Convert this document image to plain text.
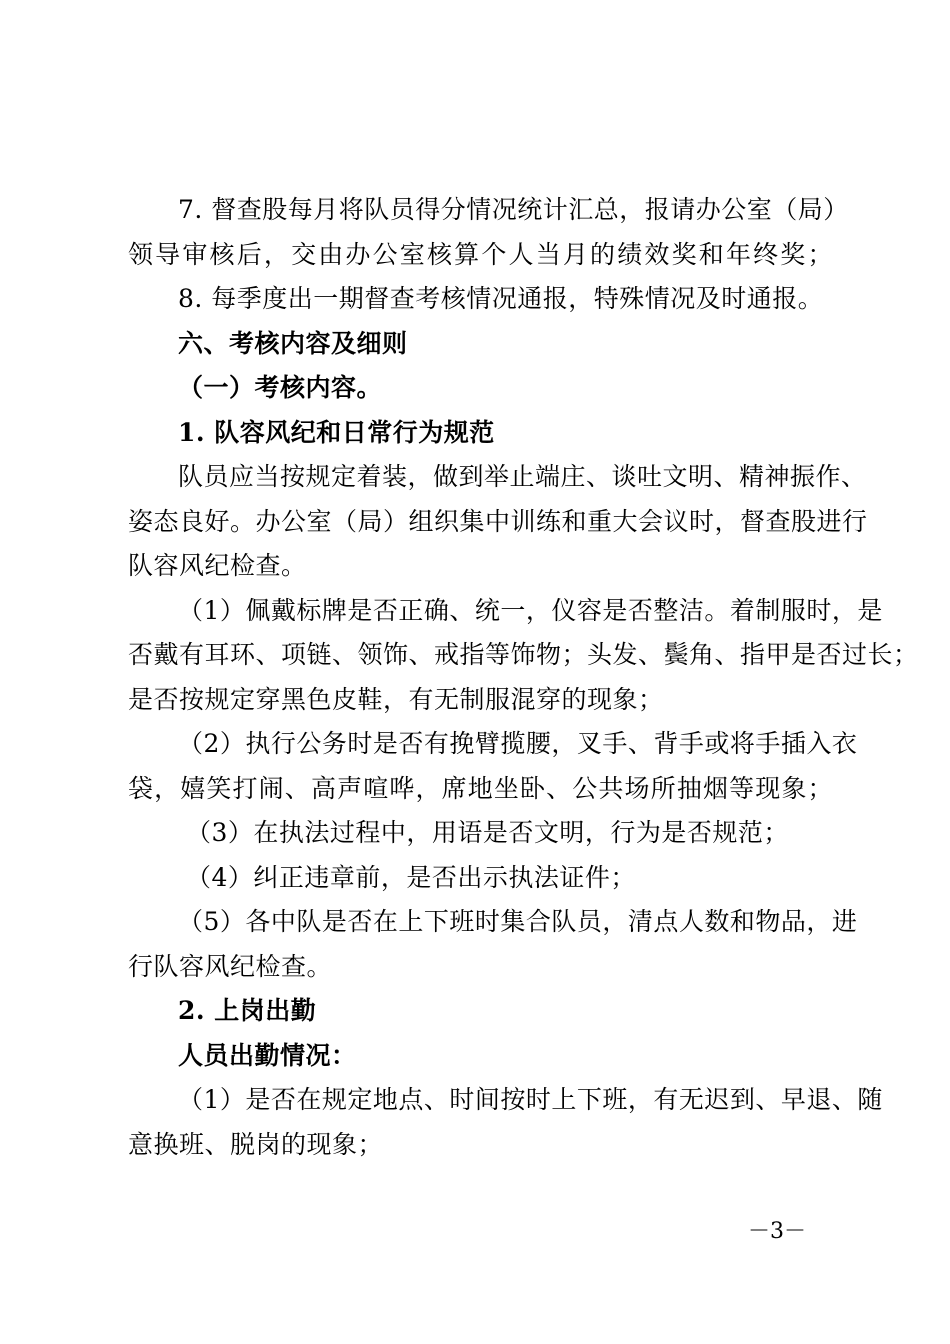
7. 督查股每月将队员得分情况统计汇总，报请办公室（局）
领导审核后，交由办公室核算个人当月的绩效奖和年终奖；
8. 每季度出一期督查考核情况通报，特殊情况及时通报。
六、考核内容及细则
（一）考核内容。
1. 队容风纪和日常行为规范
队员应当按规定着装，做到举止端庄、谈吐文明、精神振作、
姿态良好。办公室（局）组织集中训练和重大会议时，督查股进行
队容风纪检查。
（1）佩戴标牌是否正确、统一，仪容是否整洁。着制服时，是
否戴有耳环、项链、领饰、戒指等饰物；头发、鬓角、指甲是否过长；
是否按规定穿黑色皮鞋，有无制服混穿的现象；
（2）执行公务时是否有挽臂揽腰，叉手、背手或将手插入衣
袋，嬉笑打闹、高声喧哗，席地坐卧、公共场所抽烟等现象；
（3）在执法过程中，用语是否文明，行为是否规范；
（4）纠正违章前，是否出示执法证件；
（5）各中队是否在上下班时集合队员，清点人数和物品，进
行队容风纪检查。
2. 上岗出勤
人员出勤情况：
（1）是否在规定地点、时间按时上下班，有无迟到、早退、随
意换班、脱岗的现象；
－3－
